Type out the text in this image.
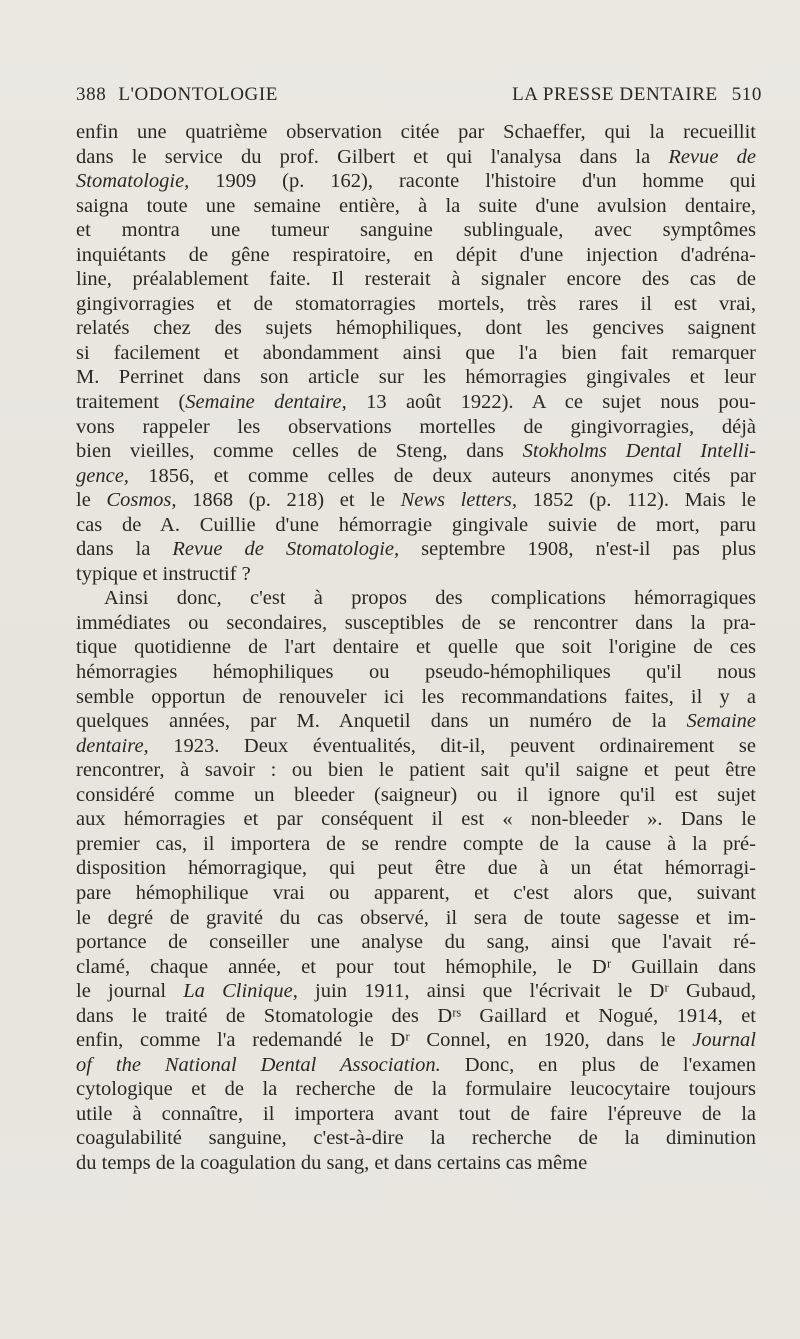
388 L'ODONTOLOGIE	LA PRESSE DENTAIRE 510
enfin une quatrième observation citée par Schaeffer, qui la recueillit
dans le service du prof. Gilbert et qui l'analysa dans la Revue de
Stomatologie, 1909 (p. 162), raconte l'histoire d'un homme qui
saigna toute une semaine entière, à la suite d'une avulsion dentaire,
et montra une tumeur sanguine sublinguale, avec symptômes
inquiétants de gêne respiratoire, en dépit d'une injection d'adréna-
line, préalablement faite. Il resterait à signaler encore des cas de
gingivorragies et de stomatorragies mortels, très rares il est vrai,
relatés chez des sujets hémophiliques, dont les gencives saignent
si facilement et abondamment ainsi que l'a bien fait remarquer
M. Perrinet dans son article sur les hémorragies gingivales et leur
traitement (Semaine dentaire, 13 août 1922). A ce sujet nous pou-
vons rappeler les observations mortelles de gingivorragies, déjà
bien vieilles, comme celles de Steng, dans Stokholms Dental Intelli-
gence, 1856, et comme celles de deux auteurs anonymes cités par
le Cosmos, 1868 (p. 218) et le News letters, 1852 (p. 112). Mais le
cas de A. Cuillie d'une hémorragie gingivale suivie de mort, paru
dans la Revue de Stomatologie, septembre 1908, n'est-il pas plus
typique et instructif ?
Ainsi donc, c'est à propos des complications hémorragiques
immédiates ou secondaires, susceptibles de se rencontrer dans la pra-
tique quotidienne de l'art dentaire et quelle que soit l'origine de ces
hémorragies hémophiliques ou pseudo-hémophiliques qu'il nous
semble opportun de renouveler ici les recommandations faites, il y a
quelques années, par M. Anquetil dans un numéro de la Semaine
dentaire, 1923. Deux éventualités, dit-il, peuvent ordinairement se
rencontrer, à savoir : ou bien le patient sait qu'il saigne et peut être
considéré comme un bleeder (saigneur) ou il ignore qu'il est sujet
aux hémorragies et par conséquent il est « non-bleeder ». Dans le
premier cas, il importera de se rendre compte de la cause à la pré-
disposition hémorragique, qui peut être due à un état hémorragi-
pare hémophilique vrai ou apparent, et c'est alors que, suivant
le degré de gravité du cas observé, il sera de toute sagesse et im-
portance de conseiller une analyse du sang, ainsi que l'avait ré-
clamé, chaque année, et pour tout hémophile, le Dʳ Guillain dans
le journal La Clinique, juin 1911, ainsi que l'écrivait le Dʳ Gubaud,
dans le traité de Stomatologie des Dʳˢ Gaillard et Nogué, 1914, et
enfin, comme l'a redemandé le Dʳ Connel, en 1920, dans le Journal
of the National Dental Association. Donc, en plus de l'examen
cytologique et de la recherche de la formulaire leucocytaire toujours
utile à connaître, il importera avant tout de faire l'épreuve de la
coagulabilité sanguine, c'est-à-dire la recherche de la diminution
du temps de la coagulation du sang, et dans certains cas même
